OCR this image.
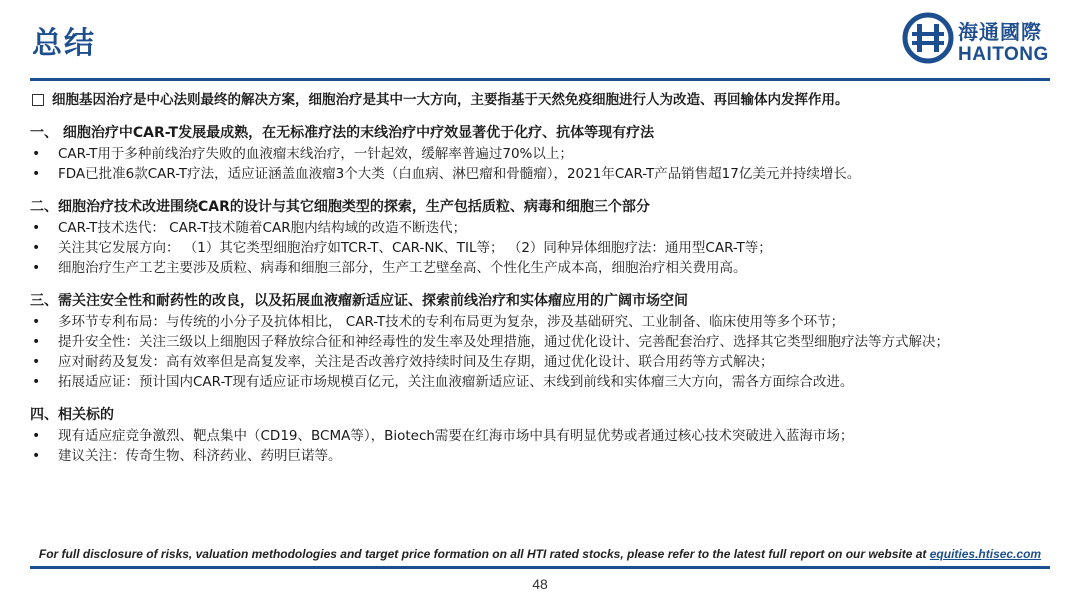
总结	海通國際
HAITONG
细胞基因治疗是中心法则最终的解决方案，细胞治疗是其中一大方向，主要指基于天然免疫细胞进行人为改造、再回输体内发挥作用。
一、 细胞治疗中CAR-T发展最成熟，在无标准疗法的末线治疗中疗效显著优于化疗、抗体等现有疗法
• CAR-T用于多种前线治疗失败的血液瘤末线治疗，一针起效，缓解率普遍过70%以上；
• FDA已批准6款CAR-T疗法，适应证涵盖血液瘤3个大类（白血病、淋巴瘤和骨髓瘤），2021年CAR-T产品销售超17亿美元并持续增长。
二、细胞治疗技术改进围绕CAR的设计与其它细胞类型的探索，生产包括质粒、病毒和细胞三个部分
• CAR-T技术迭代： CAR-T技术随着CAR胞内结构域的改造不断迭代；
• 关注其它发展方向： （1）其它类型细胞治疗如TCR-T、CAR-NK、TIL等； （2）同种异体细胞疗法：通用型CAR-T等；
• 细胞治疗生产工艺主要涉及质粒、病毒和细胞三部分，生产工艺壁垒高、个性化生产成本高，细胞治疗相关费用高。
三、需关注安全性和耐药性的改良，以及拓展血液瘤新适应证、探索前线治疗和实体瘤应用的广阔市场空间
• 多环节专利布局：与传统的小分子及抗体相比， CAR-T技术的专利布局更为复杂，涉及基础研究、工业制备、临床使用等多个环节；
• 提升安全性：关注三级以上细胞因子释放综合征和神经毒性的发生率及处理措施，通过优化设计、完善配套治疗、选择其它类型细胞疗法等方式解决；
• 应对耐药及复发：高有效率但是高复发率，关注是否改善疗效持续时间及生存期，通过优化设计、联合用药等方式解决；
• 拓展适应证：预计国内CAR-T现有适应证市场规模百亿元，关注血液瘤新适应证、末线到前线和实体瘤三大方向，需各方面综合改进。
四、相关标的
• 现有适应症竞争激烈、靶点集中（CD19、BCMA等），Biotech需要在红海市场中具有明显优势或者通过核心技术突破进入蓝海市场；
• 建议关注：传奇生物、科济药业、药明巨诺等。
For full disclosure of risks, valuation methodologies and target price formation on all HTI rated stocks, please refer to the latest full report on our website at equities.htisec.com
48
